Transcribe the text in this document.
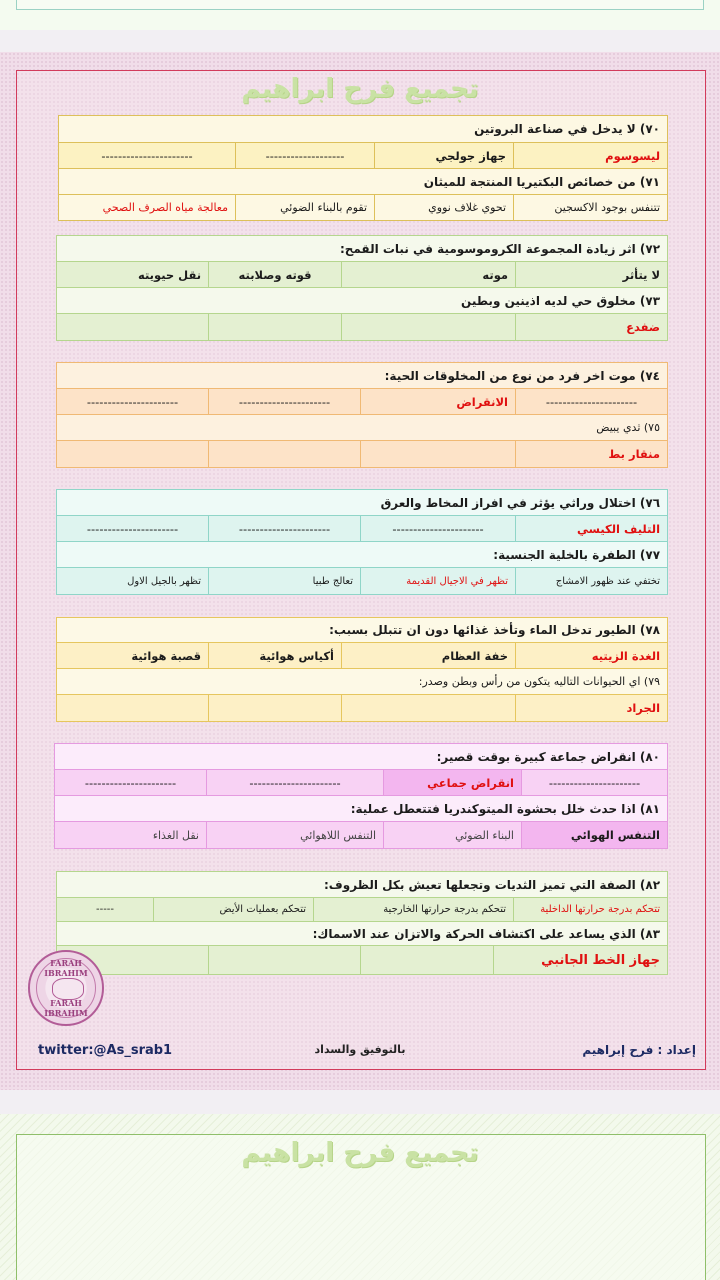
تجميع فرح ابراهيم
٧٠) لا يدخل في صناعة البروتين			
ليسوسوم	جهاز جولجي	-------------------	----------------------
٧١) من خصائص البكتيريا المنتجة للميثان			
تتنفس بوجود الاكسجين	تحوي غلاف نووي	تقوم بالبناء الضوئي	معالجة مياه الصرف الصحي
٧٢) اثر زيادة المجموعة الكروموسومية في نبات القمح:			
لا يتأثر	موته	قوته وصلابته	نقل حيويته
٧٣) مخلوق حي لديه اذينين وبطين			
ضفدع			
٧٤) موت اخر فرد من نوع من المخلوقات الحية:			
----------------------	الانقراض	----------------------	----------------------
٧٥) ثدي يبيض			
منقار بط			
٧٦) اختلال وراثي يؤثر في افراز المخاط والعرق			
التليف الكيسي	----------------------	----------------------	----------------------
٧٧) الطفرة بالخلية الجنسية:			
تختفي عند ظهور الامشاج	تظهر في الاجيال القديمة	تعالج طبيا	تظهر بالجيل الاول
٧٨) الطيور تدخل الماء وتأخذ غذائها دون ان تتبلل بسبب:			
الغدة الزيتيه	خفة العظام	أكياس هوائية	قصبة هوائية
٧٩) اي الحيوانات التاليه يتكون من رأس وبطن وصدر:			
الجراد			
٨٠) انقراض جماعة كبيرة بوقت قصير:			
----------------------	انقراض جماعي	----------------------	----------------------
٨١) اذا حدث خلل بحشوة الميتوكندريا فتتعطل عملية:			
التنفس الهوائي	البناء الضوئي	التنفس اللاهوائي	نقل الغذاء
٨٢) الصفة التي تميز الثديات وتجعلها تعيش بكل الظروف:
تتحكم بدرجة حرارتها الداخلية	تتحكم بدرجة حرارتها الخارجية	تتحكم بعمليات الأيض	-----
٨٣) الذي يساعد على اكتشاف الحركة والاتزان عند الاسماك:
جهاز الخط الجانبي			
FARAH IBRAHIM
FARAH IBRAHIM
إعداد : فرح إبراهيم
بالتوفيق والسداد
twitter:@As_srab1
تجميع فرح ابراهيم
